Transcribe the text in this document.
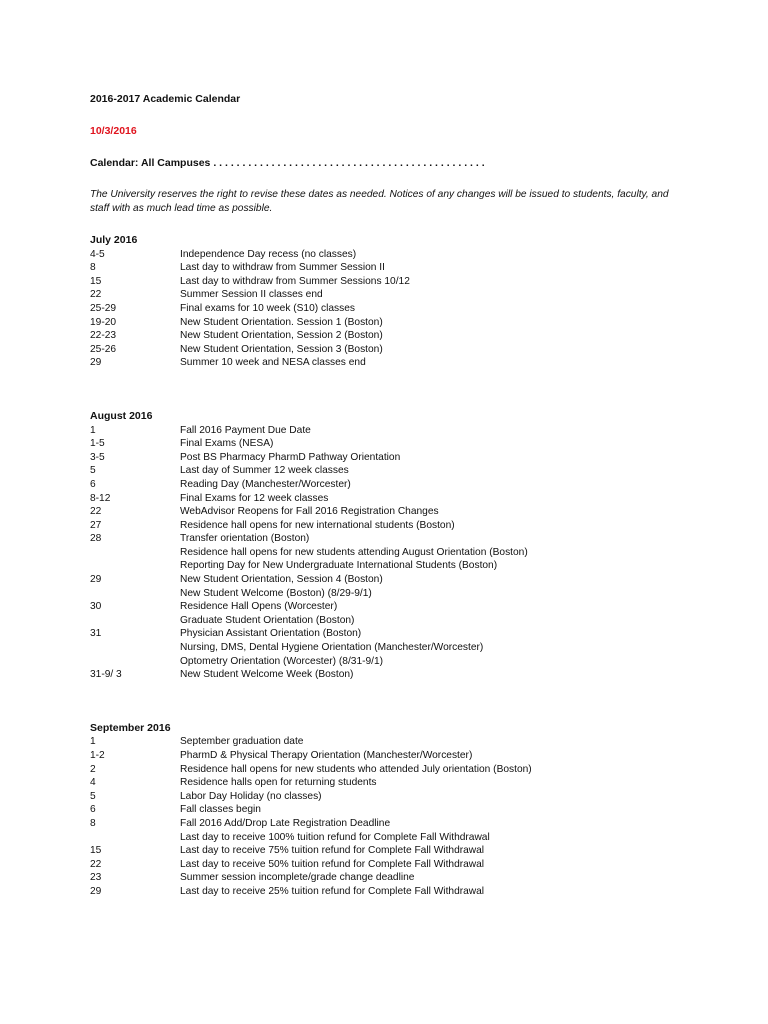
2016-2017 Academic Calendar
10/3/2016
Calendar: All Campuses . . . . . . . . . . . . . . . . . . . . . . . . . . . . . . . . . . . . . . . . . . . . . . .
The University reserves the right to revise these dates as needed. Notices of any changes will be issued to students, faculty, and staff with as much lead time as possible.
July 2016
4-5	Independence Day recess (no classes)
8	Last day to withdraw from Summer Session II
15	Last day to withdraw from Summer Sessions 10/12
22	Summer Session II classes end
25-29	Final exams for 10 week (S10) classes
19-20	New Student Orientation. Session 1 (Boston)
22-23	New Student Orientation, Session 2 (Boston)
25-26	New Student Orientation, Session 3 (Boston)
29	Summer 10 week and NESA classes end
August 2016
1	Fall 2016 Payment Due Date
1-5	Final Exams (NESA)
3-5	Post BS Pharmacy PharmD Pathway Orientation
5	Last day of Summer 12 week classes
6	Reading Day (Manchester/Worcester)
8-12	Final Exams for 12 week classes
22	WebAdvisor Reopens for Fall 2016 Registration Changes
27	Residence hall opens for new international students (Boston)
28	Transfer orientation (Boston)
Residence hall opens for new students attending August Orientation (Boston)
Reporting Day for New Undergraduate International Students (Boston)
29	New Student Orientation, Session 4 (Boston)
New Student Welcome (Boston) (8/29-9/1)
30	Residence Hall Opens (Worcester)
Graduate Student Orientation (Boston)
31	Physician Assistant Orientation (Boston)
Nursing, DMS, Dental Hygiene Orientation (Manchester/Worcester)
Optometry Orientation (Worcester) (8/31-9/1)
31-9/ 3	New Student Welcome Week (Boston)
September 2016
1	September graduation date
1-2	PharmD & Physical Therapy Orientation (Manchester/Worcester)
2	Residence hall opens for new students who attended July orientation (Boston)
4	Residence halls open for returning students
5	Labor Day Holiday (no classes)
6	Fall classes begin
8	Fall 2016 Add/Drop Late Registration Deadline
Last day to receive 100% tuition refund for Complete Fall Withdrawal
15	Last day to receive 75% tuition refund for Complete Fall Withdrawal
22	Last day to receive 50% tuition refund for Complete Fall Withdrawal
23	Summer session incomplete/grade change deadline
29	Last day to receive 25% tuition refund for Complete Fall Withdrawal
